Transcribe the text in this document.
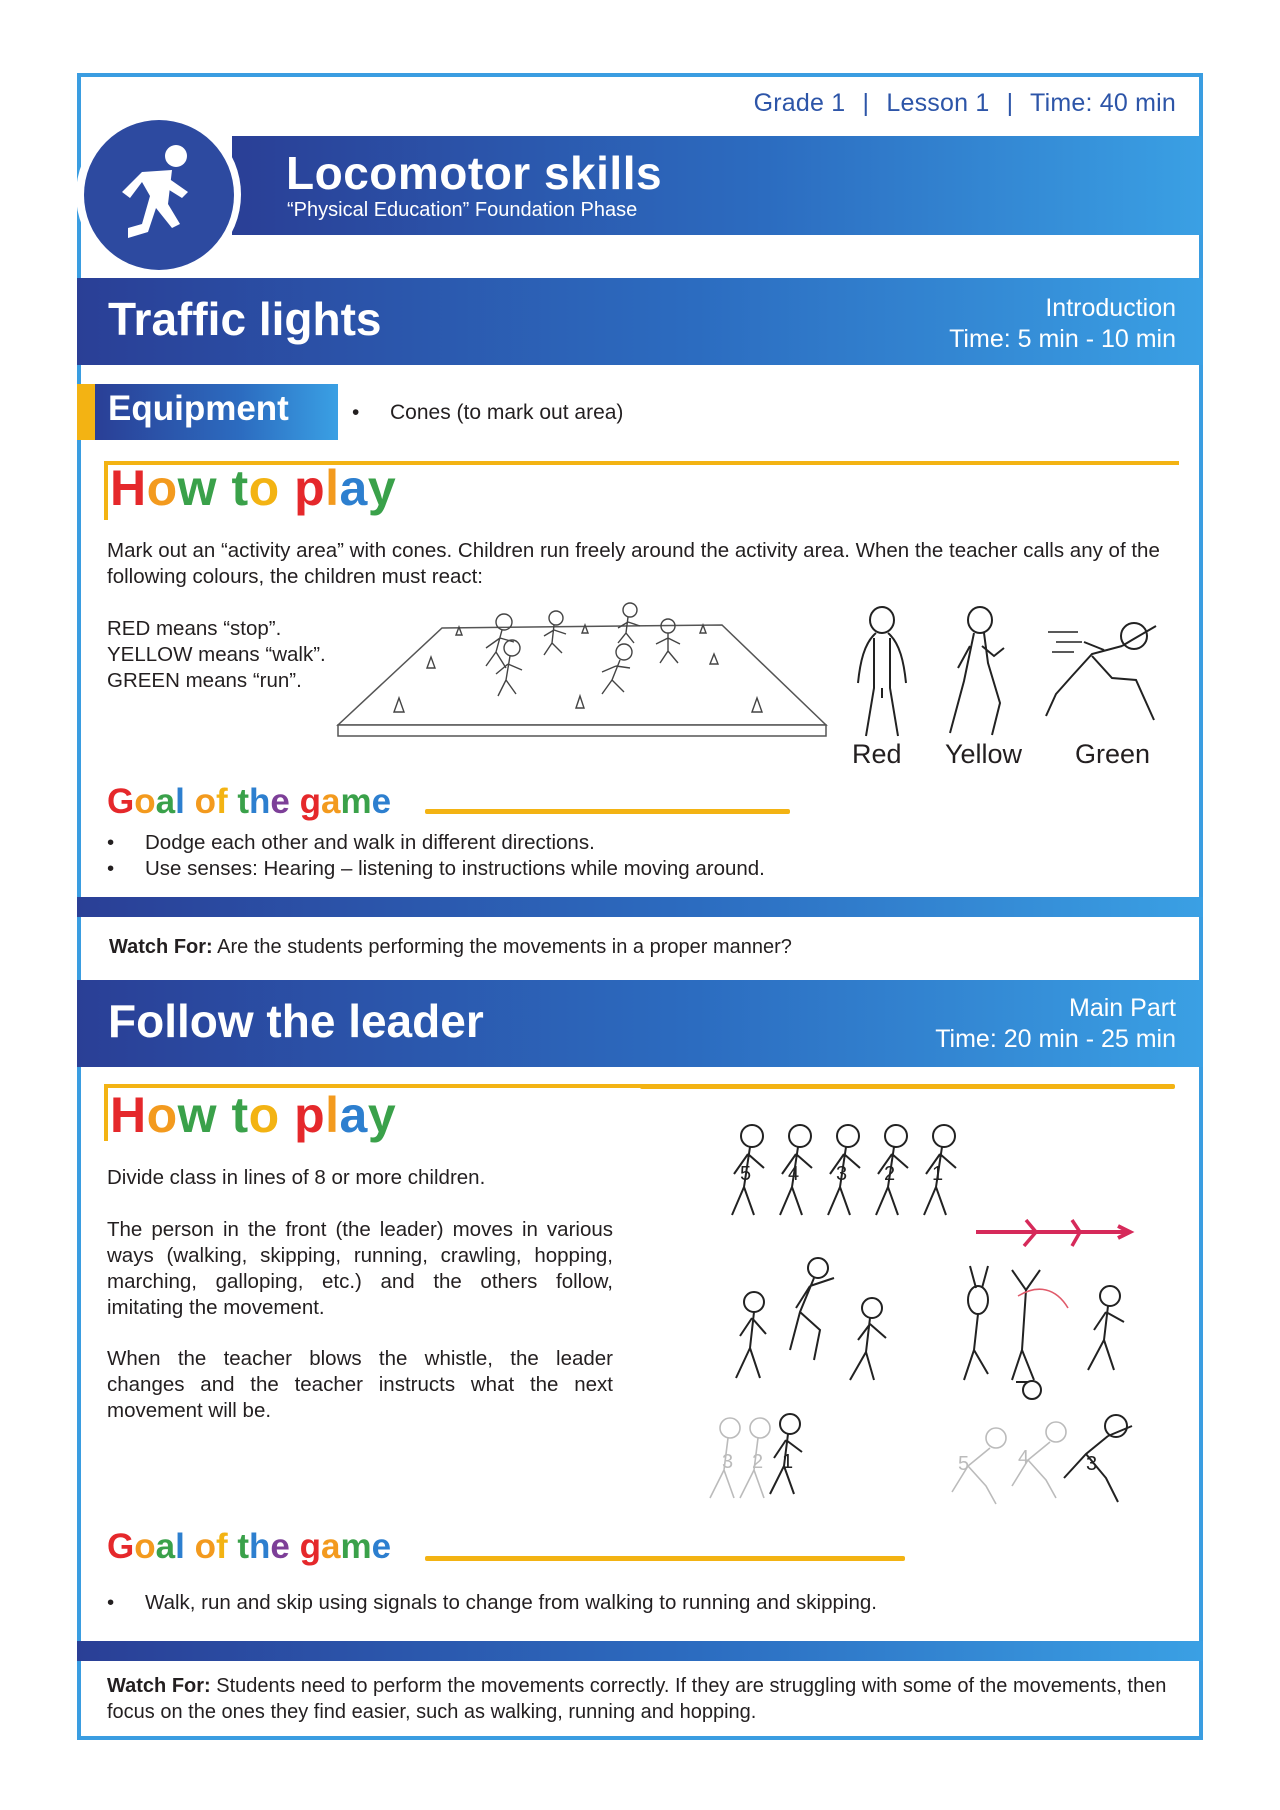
Grade 1 | Lesson 1 | Time: 40 min
Locomotor skills
“Physical Education” Foundation Phase
Traffic lights	Introduction
Time: 5 min - 10 min
Equipment	• Cones (to mark out area)
How to play
Mark out an “activity area” with cones. Children run freely around the activity area. When the teacher calls any of the following colours, the children must react:
RED means “stop”.
YELLOW means “walk”.
GREEN means “run”.
Red Yellow Green
Goal of the game
• Dodge each other and walk in different directions.
• Use senses: Hearing – listening to instructions while moving around.
Watch For: Are the students performing the movements in a proper manner?
Follow the leader	Main Part
Time: 20 min - 25 min
How to play
Divide class in lines of 8 or more children.
The person in the front (the leader) moves in various ways (walking, skipping, running, crawling, hopping, marching, galloping, etc.) and the others follow, imitating the movement.
When the teacher blows the whistle, the leader changes and the teacher instructs what the next movement will be.
5 4 3 2 1
3 2 1	5 4	3
Goal of the game
• Walk, run and skip using signals to change from walking to running and skipping.
Watch For: Students need to perform the movements correctly. If they are struggling with some of the movements, then focus on the ones they find easier, such as walking, running and hopping.
